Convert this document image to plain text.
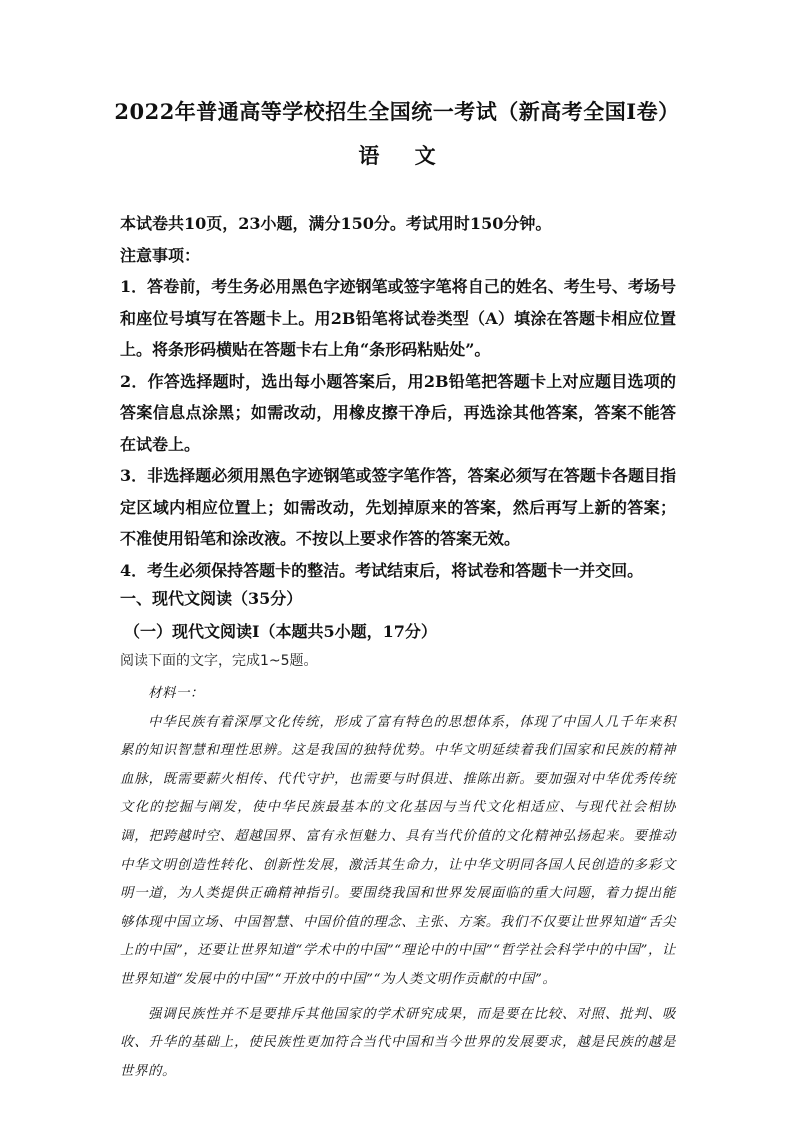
2022年普通高等学校招生全国统一考试（新高考全国Ⅰ卷）
语 文

本试卷共10页，23小题，满分150分。考试用时150分钟。

注意事项：

1．答卷前，考生务必用黑色字迹钢笔或签字笔将自己的姓名、考生号、考场号和座位号填写在答题卡上。用2B铅笔将试卷类型（A）填涂在答题卡相应位置上。将条形码横贴在答题卡右上角“条形码粘贴处”。

2．作答选择题时，选出每小题答案后，用2B铅笔把答题卡上对应题目选项的答案信息点涂黑；如需改动，用橡皮擦干净后，再选涂其他答案，答案不能答在试卷上。

3．非选择题必须用黑色字迹钢笔或签字笔作答，答案必须写在答题卡各题目指定区域内相应位置上；如需改动，先划掉原来的答案，然后再写上新的答案；不准使用铅笔和涂改液。不按以上要求作答的答案无效。

4．考生必须保持答题卡的整洁。考试结束后，将试卷和答题卡一并交回。

一、现代文阅读（35分）
（一）现代文阅读Ⅰ（本题共5小题，17分）
阅读下面的文字，完成1~5题。

材料一：

中华民族有着深厚文化传统，形成了富有特色的思想体系，体现了中国人几千年来积累的知识智慧和理性思辨。这是我国的独特优势。中华文明延续着我们国家和民族的精神血脉，既需要薪火相传、代代守护，也需要与时俱进、推陈出新。要加强对中华优秀传统文化的挖掘与阐发，使中华民族最基本的文化基因与当代文化相适应、与现代社会相协调，把跨越时空、超越国界、富有永恒魅力、具有当代价值的文化精神弘扬起来。要推动中华文明创造性转化、创新性发展，激活其生命力，让中华文明同各国人民创造的多彩文明一道，为人类提供正确精神指引。要围绕我国和世界发展面临的重大问题，着力提出能够体现中国立场、中国智慧、中国价值的理念、主张、方案。我们不仅要让世界知道“舌尖上的中国”，还要让世界知道“学术中的中国”“理论中的中国”“哲学社会科学中的中国”，让世界知道“发展中的中国”“开放中的中国”“为人类文明作贡献的中国”。

强调民族性并不是要排斥其他国家的学术研究成果，而是要在比较、对照、批判、吸收、升华的基础上，使民族性更加符合当代中国和当今世界的发展要求，越是民族的越是世界的。
